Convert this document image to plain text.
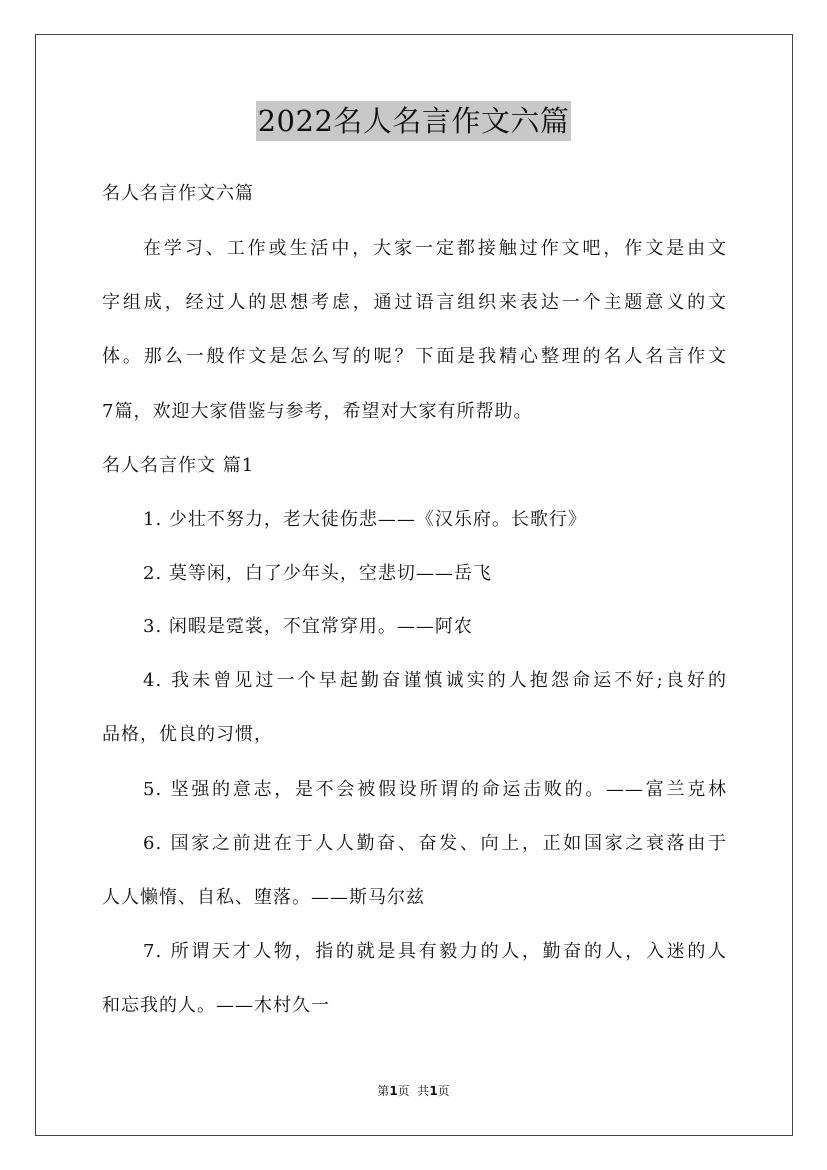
2022名人名言作文六篇
名人名言作文六篇
在学习、工作或生活中，大家一定都接触过作文吧，作文是由文
字组成，经过人的思想考虑，通过语言组织来表达一个主题意义的文
体。那么一般作文是怎么写的呢？下面是我精心整理的名人名言作文
7篇，欢迎大家借鉴与参考，希望对大家有所帮助。
名人名言作文 篇1
1. 少壮不努力，老大徒伤悲——《汉乐府。长歌行》
2. 莫等闲，白了少年头，空悲切——岳飞
3. 闲暇是霓裳，不宜常穿用。——阿农
4. 我未曾见过一个早起勤奋谨慎诚实的人抱怨命运不好;良好的
品格，优良的习惯，
5. 坚强的意志，是不会被假设所谓的命运击败的。——富兰克林
6. 国家之前进在于人人勤奋、奋发、向上，正如国家之衰落由于
人人懒惰、自私、堕落。——斯马尔兹
7. 所谓天才人物，指的就是具有毅力的人，勤奋的人，入迷的人
和忘我的人。——木村久一
第1页  共1页
